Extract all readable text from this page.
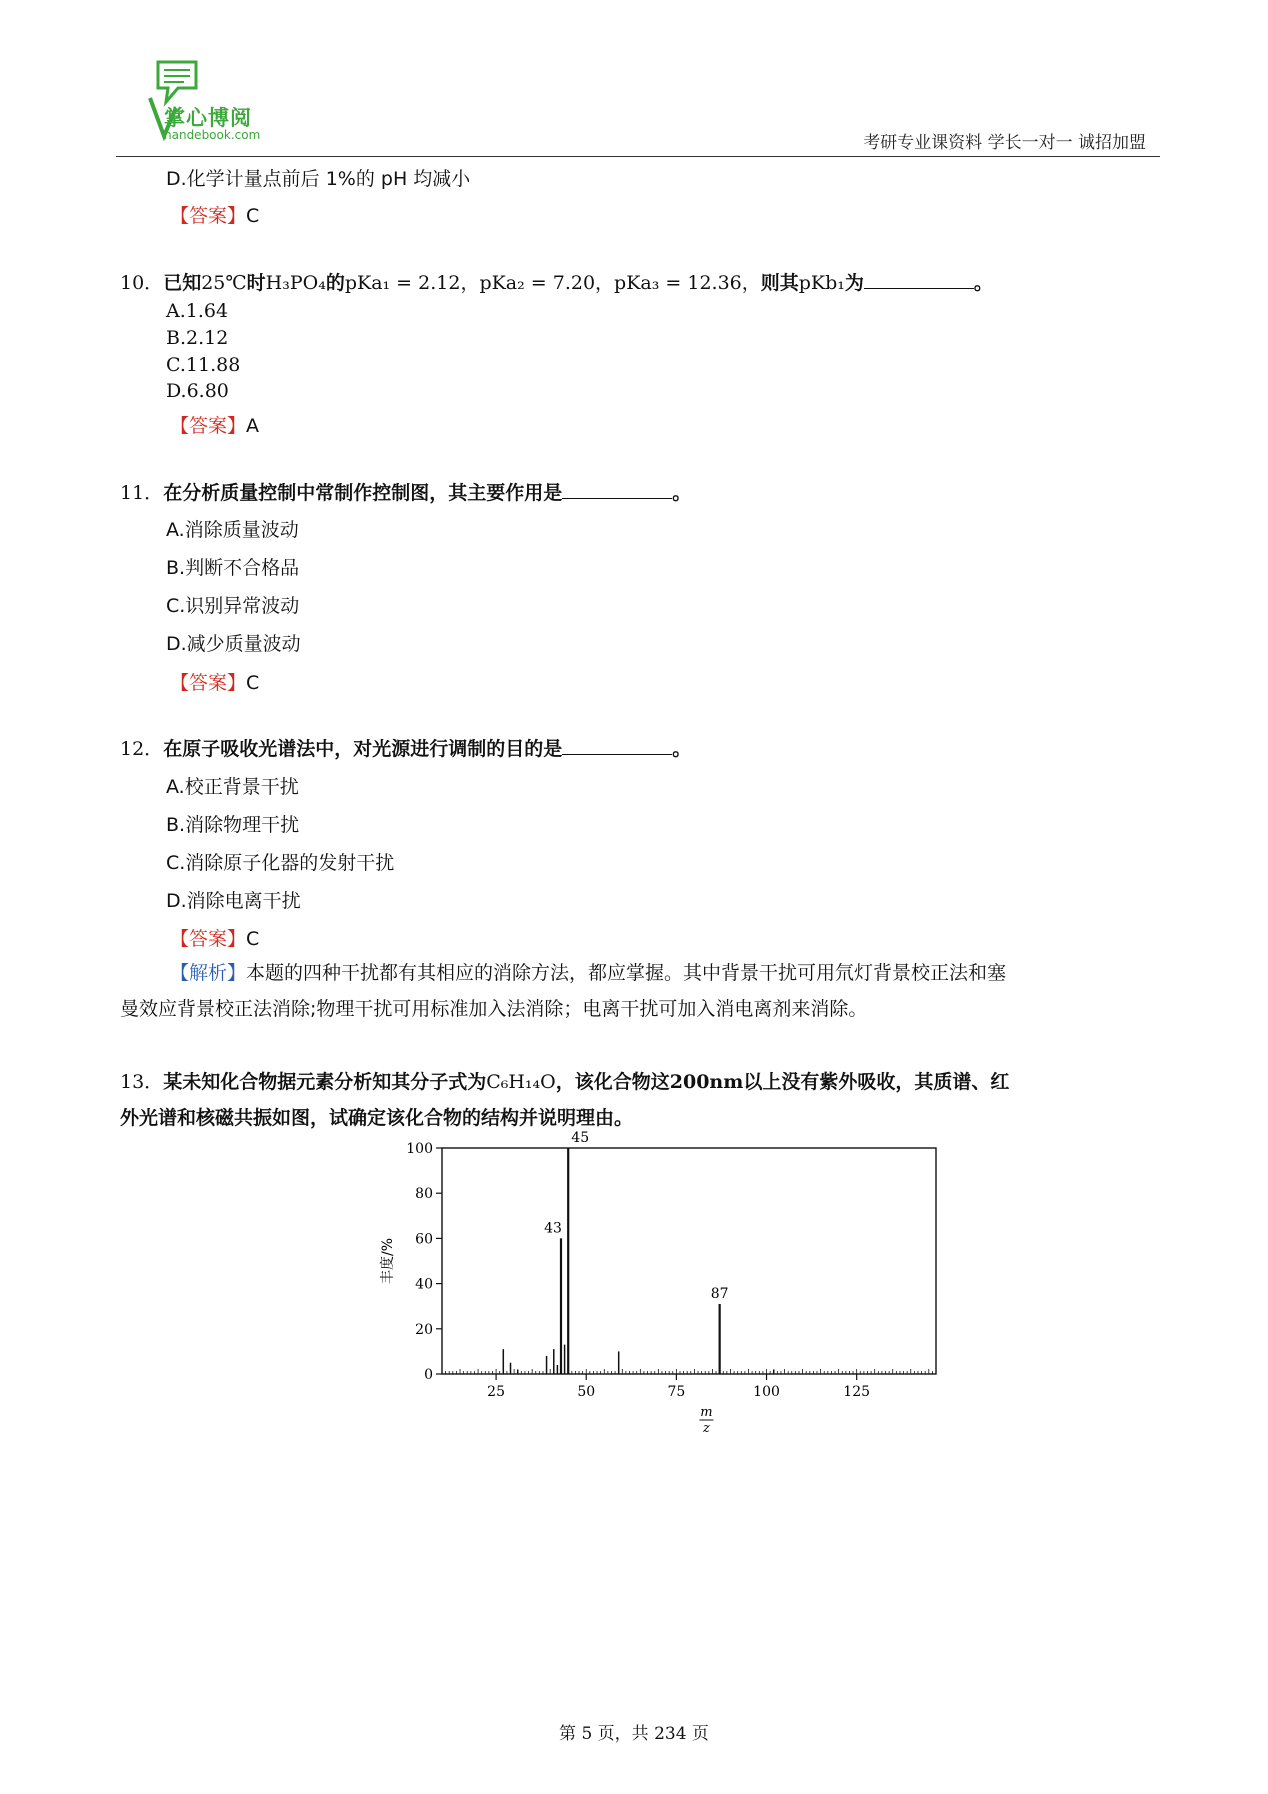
掌心博阅
handebook.com	考研专业课资料 学长一对一 诚招加盟
D.化学计量点前后 1%的 pH 均减小
【答案】C
10．已知25℃时H₃PO₄的pKa₁ = 2.12，pKa₂ = 7.20，pKa₃ = 12.36，则其pKb₁为	。
A.1.64
B.2.12
C.11.88
D.6.80
【答案】A
11．在分析质量控制中常制作控制图，其主要作用是	。
A.消除质量波动
B.判断不合格品
C.识别异常波动
D.减少质量波动
【答案】C
12．在原子吸收光谱法中，对光源进行调制的目的是	。
A.校正背景干扰
B.消除物理干扰
C.消除原子化器的发射干扰
D.消除电离干扰
【答案】C
【解析】本题的四种干扰都有其相应的消除方法，都应掌握。其中背景干扰可用氘灯背景校正法和塞
曼效应背景校正法消除;物理干扰可用标准加入法消除；电离干扰可加入消电离剂来消除。
13．某未知化合物据元素分析知其分子式为C₆H₁₄O，该化合物这200nm以上没有紫外吸收，其质谱、红
外光谱和核磁共振如图，试确定该化合物的结构并说明理由。
25	50	75	100	125
0
20
40
60
80
100
43
45
87
丰度/%
m
z
第 5 页，共 234 页
